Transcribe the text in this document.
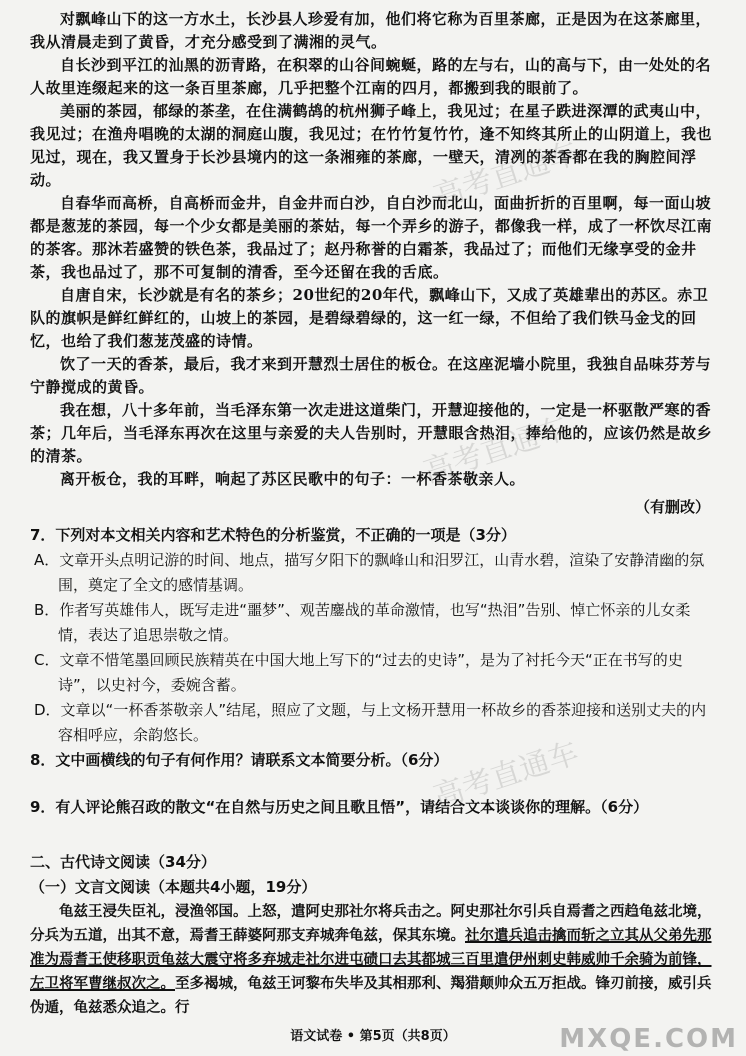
对飘峰山下的这一方水土，长沙县人珍爱有加，他们将它称为百里茶廊，正是因为在这茶廊里，我从清晨走到了黄昏，才充分感受到了满湘的灵气。

自长沙到平江的汕黑的沥青路，在积翠的山谷间蜿蜒，路的左与右，山的高与下，由一处处的名人故里连缀起来的这一条百里茶廊，几乎把整个江南的四月，都搬到我的眼前了。

美丽的茶园，郁绿的茶垄，在住满鹤鸪的杭州狮子峰上，我见过；在星子跌进深潭的武夷山中，我见过；在渔舟唱晚的太湖的洞庭山腹，我见过；在竹竹复竹竹，逢不知终其所止的山阴道上，我也见过，现在，我又置身于长沙县境内的这一条湘雍的茶廊，一壁天，清冽的茶香都在我的胸腔间浮动。

自春华而高桥，自高桥而金井，自金井而白沙，自白沙而北山，面曲折折的百里啊，每一面山坡都是葱茏的茶园，每一个少女都是美丽的茶姑，每一个弄乡的游子，都像我一样，成了一杯饮尽江南的茶客。那沐若盛赞的铁色茶，我品过了；赵丹称誉的白霜茶，我品过了；而他们无缘享受的金井茶，我也品过了，那不可复制的清香，至今还留在我的舌底。

自唐自宋，长沙就是有名的茶乡；20世纪的20年代，飘峰山下，又成了英雄辈出的苏区。赤卫队的旗帜是鲜红鲜红的，山坡上的茶园，是碧绿碧绿的，这一红一绿，不但给了我们铁马金戈的回忆，也给了我们葱茏茂盛的诗情。

饮了一天的香茶，最后，我才来到开慧烈士居住的板仓。在这座泥墙小院里，我独自品味芬芳与宁静搅成的黄昏。

我在想，八十多年前，当毛泽东第一次走进这道柴门，开慧迎接他的，一定是一杯驱散严寒的香茶；几年后，当毛泽东再次在这里与亲爱的夫人告别时，开慧眼含热泪，捧给他的，应该仍然是故乡的清茶。

离开板仓，我的耳畔，响起了苏区民歌中的句子：一杯香茶敬亲人。

（有删改）

7．下列对本文相关内容和艺术特色的分析鉴赏，不正确的一项是（3分）

A．文章开头点明记游的时间、地点，描写夕阳下的飘峰山和汨罗江，山青水碧，渲染了安静清幽的氛围，奠定了全文的感情基调。

B．作者写英雄伟人，既写走进“噩梦”、观苦鏖战的革命激情，也写“热泪”告别、悼亡怀亲的儿女柔情，表达了追思崇敬之情。

C．文章不惜笔墨回顾民族精英在中国大地上写下的“过去的史诗”，是为了衬托今天“正在书写的史诗”，以史衬今，委婉含蓄。

D．文章以“一杯香茶敬亲人”结尾，照应了文题，与上文杨开慧用一杯故乡的香茶迎接和送别丈夫的内容相呼应，余韵悠长。

8．文中画横线的句子有何作用？请联系文本简要分析。（6分）

9．有人评论熊召政的散文“在自然与历史之间且歌且悟”，请结合文本谈谈你的理解。（6分）

二、古代诗文阅读（34分）

（一）文言文阅读（本题共4小题，19分）

龟兹王浸失臣礼，浸渔邻国。上怒，遣阿史那社尔将兵击之。阿史那社尔引兵自焉耆之西趋龟兹北境，分兵为五道，出其不意，焉耆王薛婆阿那支弃城奔龟兹，保其东境。社尔遣兵追击擒而斩之立其从父弟先那准为焉耆王使移职贡龟兹大震守将多弃城走社尔进屯碛口去其都城三百里遣伊州刺史韩威帅千余骑为前锋，左卫将军曹继叔次之。至多褐城，龟兹王诃黎布失毕及其相那利、羯猎颠帅众五万拒战。锋刃前接，威引兵伪遁，龟兹悉众追之。行

高考直通车
高考直通车
高考直通车
语文试卷 • 第5页（共8页）	MXQE.COM
